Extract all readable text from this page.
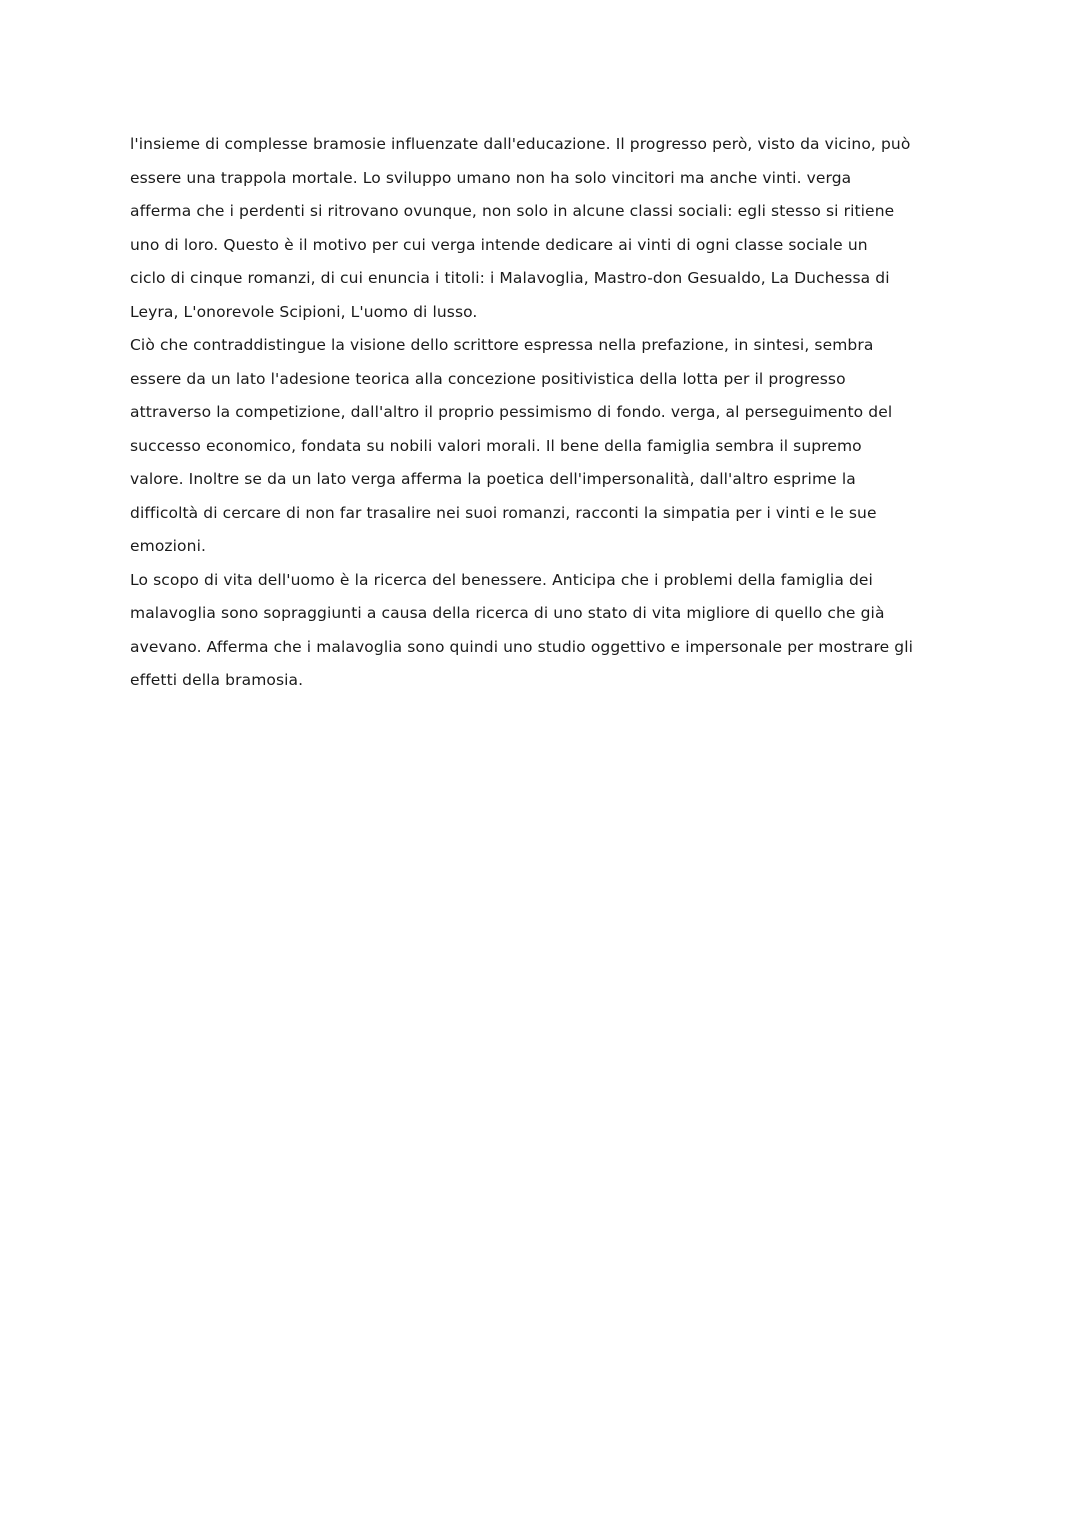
l'insieme di complesse bramosie influenzate dall'educazione. Il progresso però, visto da vicino, può
essere una trappola mortale. Lo sviluppo umano non ha solo vincitori ma anche vinti. verga
afferma che i perdenti si ritrovano ovunque, non solo in alcune classi sociali: egli stesso si ritiene
uno di loro. Questo è il motivo per cui verga intende dedicare ai vinti di ogni classe sociale un
ciclo di cinque romanzi, di cui enuncia i titoli: i Malavoglia, Mastro-don Gesualdo, La Duchessa di
Leyra, L'onorevole Scipioni, L'uomo di lusso.
Ciò che contraddistingue la visione dello scrittore espressa nella prefazione, in sintesi, sembra
essere da un lato l'adesione teorica alla concezione positivistica della lotta per il progresso
attraverso la competizione, dall'altro il proprio pessimismo di fondo. verga, al perseguimento del
successo economico, fondata su nobili valori morali. Il bene della famiglia sembra il supremo
valore. Inoltre se da un lato verga afferma la poetica dell'impersonalità, dall'altro esprime la
difficoltà di cercare di non far trasalire nei suoi romanzi, racconti la simpatia per i vinti e le sue
emozioni.
Lo scopo di vita dell'uomo è la ricerca del benessere. Anticipa che i problemi della famiglia dei
malavoglia sono sopraggiunti a causa della ricerca di uno stato di vita migliore di quello che già
avevano. Afferma che i malavoglia sono quindi uno studio oggettivo e impersonale per mostrare gli
effetti della bramosia.
